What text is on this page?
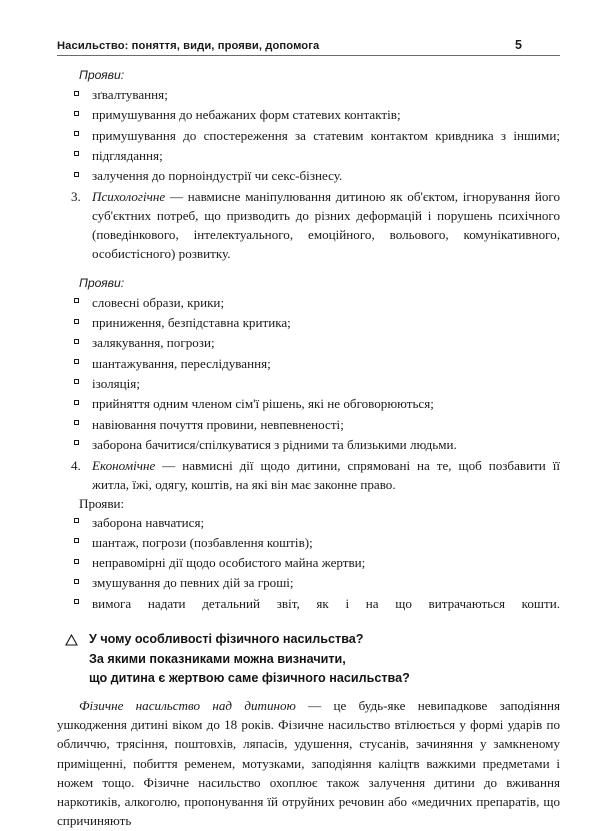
Насильство: поняття, види, прояви, допомога	5
Прояви:
зґвалтування;
примушування до небажаних форм статевих контактів;
примушування до спостереження за статевим контактом кривдника з іншими;
підглядання;
залучення до порноіндустрії чи секс-бізнесу.
3. Психологічне — навмисне маніпулювання дитиною як об'єктом, ігнорування його суб'єктних потреб, що призводить до різних деформацій і порушень психічного (поведінкового, інтелектуального, емоційного, вольового, комунікативного, особистісного) розвитку.
Прояви:
словесні образи, крики;
приниження, безпідставна критика;
залякування, погрози;
шантажування, переслідування;
ізоляція;
прийняття одним членом сім'ї рішень, які не обговорюються;
навіювання почуття провини, невпевненості;
заборона бачитися/спілкуватися з рідними та близькими людьми.
4. Економічне — навмисні дії щодо дитини, спрямовані на те, щоб позбавити її житла, їжі, одягу, коштів, на які він має законне право.
Прояви:
заборона навчатися;
шантаж, погрози (позбавлення коштів);
неправомірні дії щодо особистого майна жертви;
змушування до певних дій за гроші;
вимога надати детальний звіт, як і на що витрачаються кошти.
У чому особливості фізичного насильства?
За якими показниками можна визначити,
що дитина є жертвою саме фізичного насильства?

Фізичне насильство над дитиною — це будь-яке невипадкове заподіяння ушкодження дитині віком до 18 років. Фізичне насильство втілюється у формі ударів по обличчю, трясіння, поштовхів, ляпасів, удушення, стусанів, зачиняння у замкненому приміщенні, побиття ременем, мотузками, заподіяння каліцтв важкими предметами і ножем тощо. Фізичне насильство охоплює також залучення дитини до вживання наркотиків, алкоголю, пропонування їй отруйних речовин або «медичних препаратів, що спричиняють
